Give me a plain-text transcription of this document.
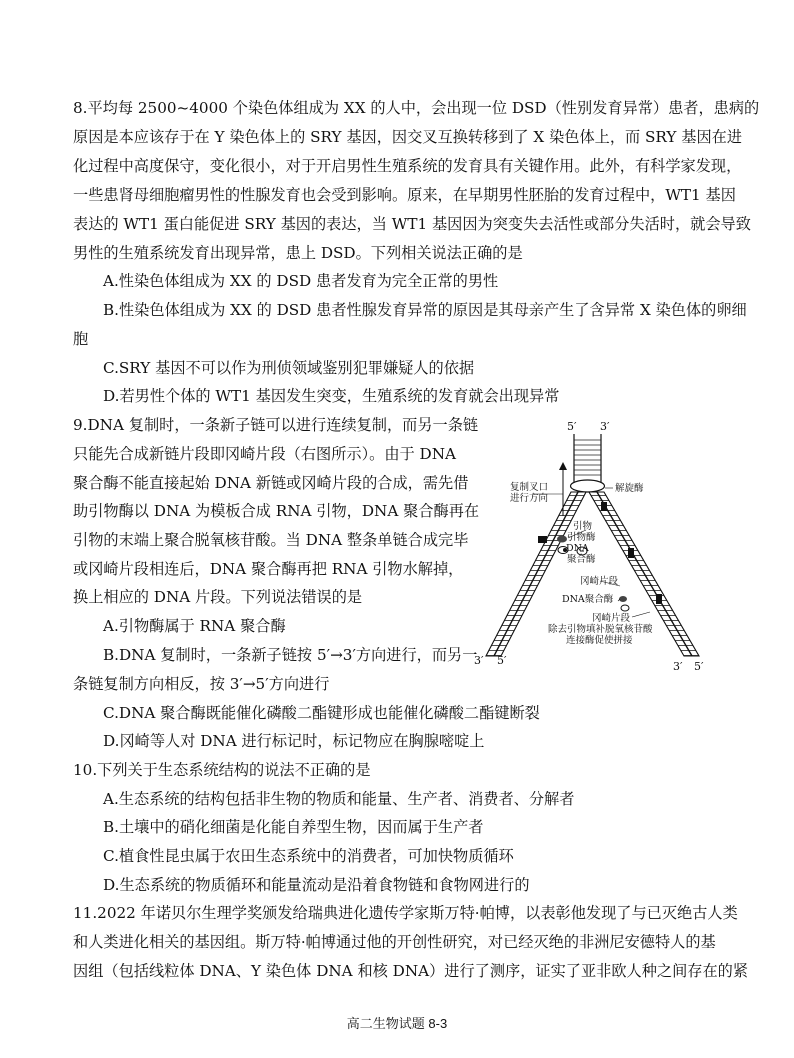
8.平均每 2500~4000 个染色体组成为 XX 的人中，会出现一位 DSD（性别发育异常）患者，患病的
原因是本应该存于在 Y 染色体上的 SRY 基因，因交叉互换转移到了 X 染色体上，而 SRY 基因在进
化过程中高度保守，变化很小，对于开启男性生殖系统的发育具有关键作用。此外，有科学家发现，
一些患肾母细胞瘤男性的性腺发育也会受到影响。原来，在早期男性胚胎的发育过程中，WT1 基因
表达的 WT1 蛋白能促进 SRY 基因的表达，当 WT1 基因因为突变失去活性或部分失活时，就会导致
男性的生殖系统发育出现异常，患上 DSD。下列相关说法正确的是
A.性染色体组成为 XX 的 DSD 患者发育为完全正常的男性
B.性染色体组成为 XX 的 DSD 患者性腺发育异常的原因是其母亲产生了含异常 X 染色体的卵细
胞
C.SRY 基因不可以作为刑侦领域鉴别犯罪嫌疑人的依据
D.若男性个体的 WT1 基因发生突变，生殖系统的发育就会出现异常
9.DNA 复制时，一条新子链可以进行连续复制，而另一条链
只能先合成新链片段即冈崎片段（右图所示）。由于 DNA
聚合酶不能直接起始 DNA 新链或冈崎片段的合成，需先借
助引物酶以 DNA 为模板合成 RNA 引物，DNA 聚合酶再在
引物的末端上聚合脱氧核苷酸。当 DNA 整条单链合成完毕
或冈崎片段相连后，DNA 聚合酶再把 RNA 引物水解掉，
换上相应的 DNA 片段。下列说法错误的是
A.引物酶属于 RNA 聚合酶
B.DNA 复制时，一条新子链按 5′→3′方向进行，而另一
条链复制方向相反，按 3′→5′方向进行
C.DNA 聚合酶既能催化磷酸二酯键形成也能催化磷酸二酯键断裂
D.冈崎等人对 DNA 进行标记时，标记物应在胸腺嘧啶上
5′ 3′
3′ 5′	3′ 5′
复制叉口
进行方向
解旋酶
引物
引物酶
DNA
聚合酶
冈崎片段
DNA聚合酶
冈崎片段
除去引物填补脱氧核苷酸
连接酶促使拼接
10.下列关于生态系统结构的说法不正确的是
A.生态系统的结构包括非生物的物质和能量、生产者、消费者、分解者
B.土壤中的硝化细菌是化能自养型生物，因而属于生产者
C.植食性昆虫属于农田生态系统中的消费者，可加快物质循环
D.生态系统的物质循环和能量流动是沿着食物链和食物网进行的
11.2022 年诺贝尔生理学奖颁发给瑞典进化遗传学家斯万特·帕博，以表彰他发现了与已灭绝古人类
和人类进化相关的基因组。斯万特·帕博通过他的开创性研究，对已经灭绝的非洲尼安德特人的基
因组（包括线粒体 DNA、Y 染色体 DNA 和核 DNA）进行了测序，证实了亚非欧人种之间存在的紧
高二生物试题 8-3
